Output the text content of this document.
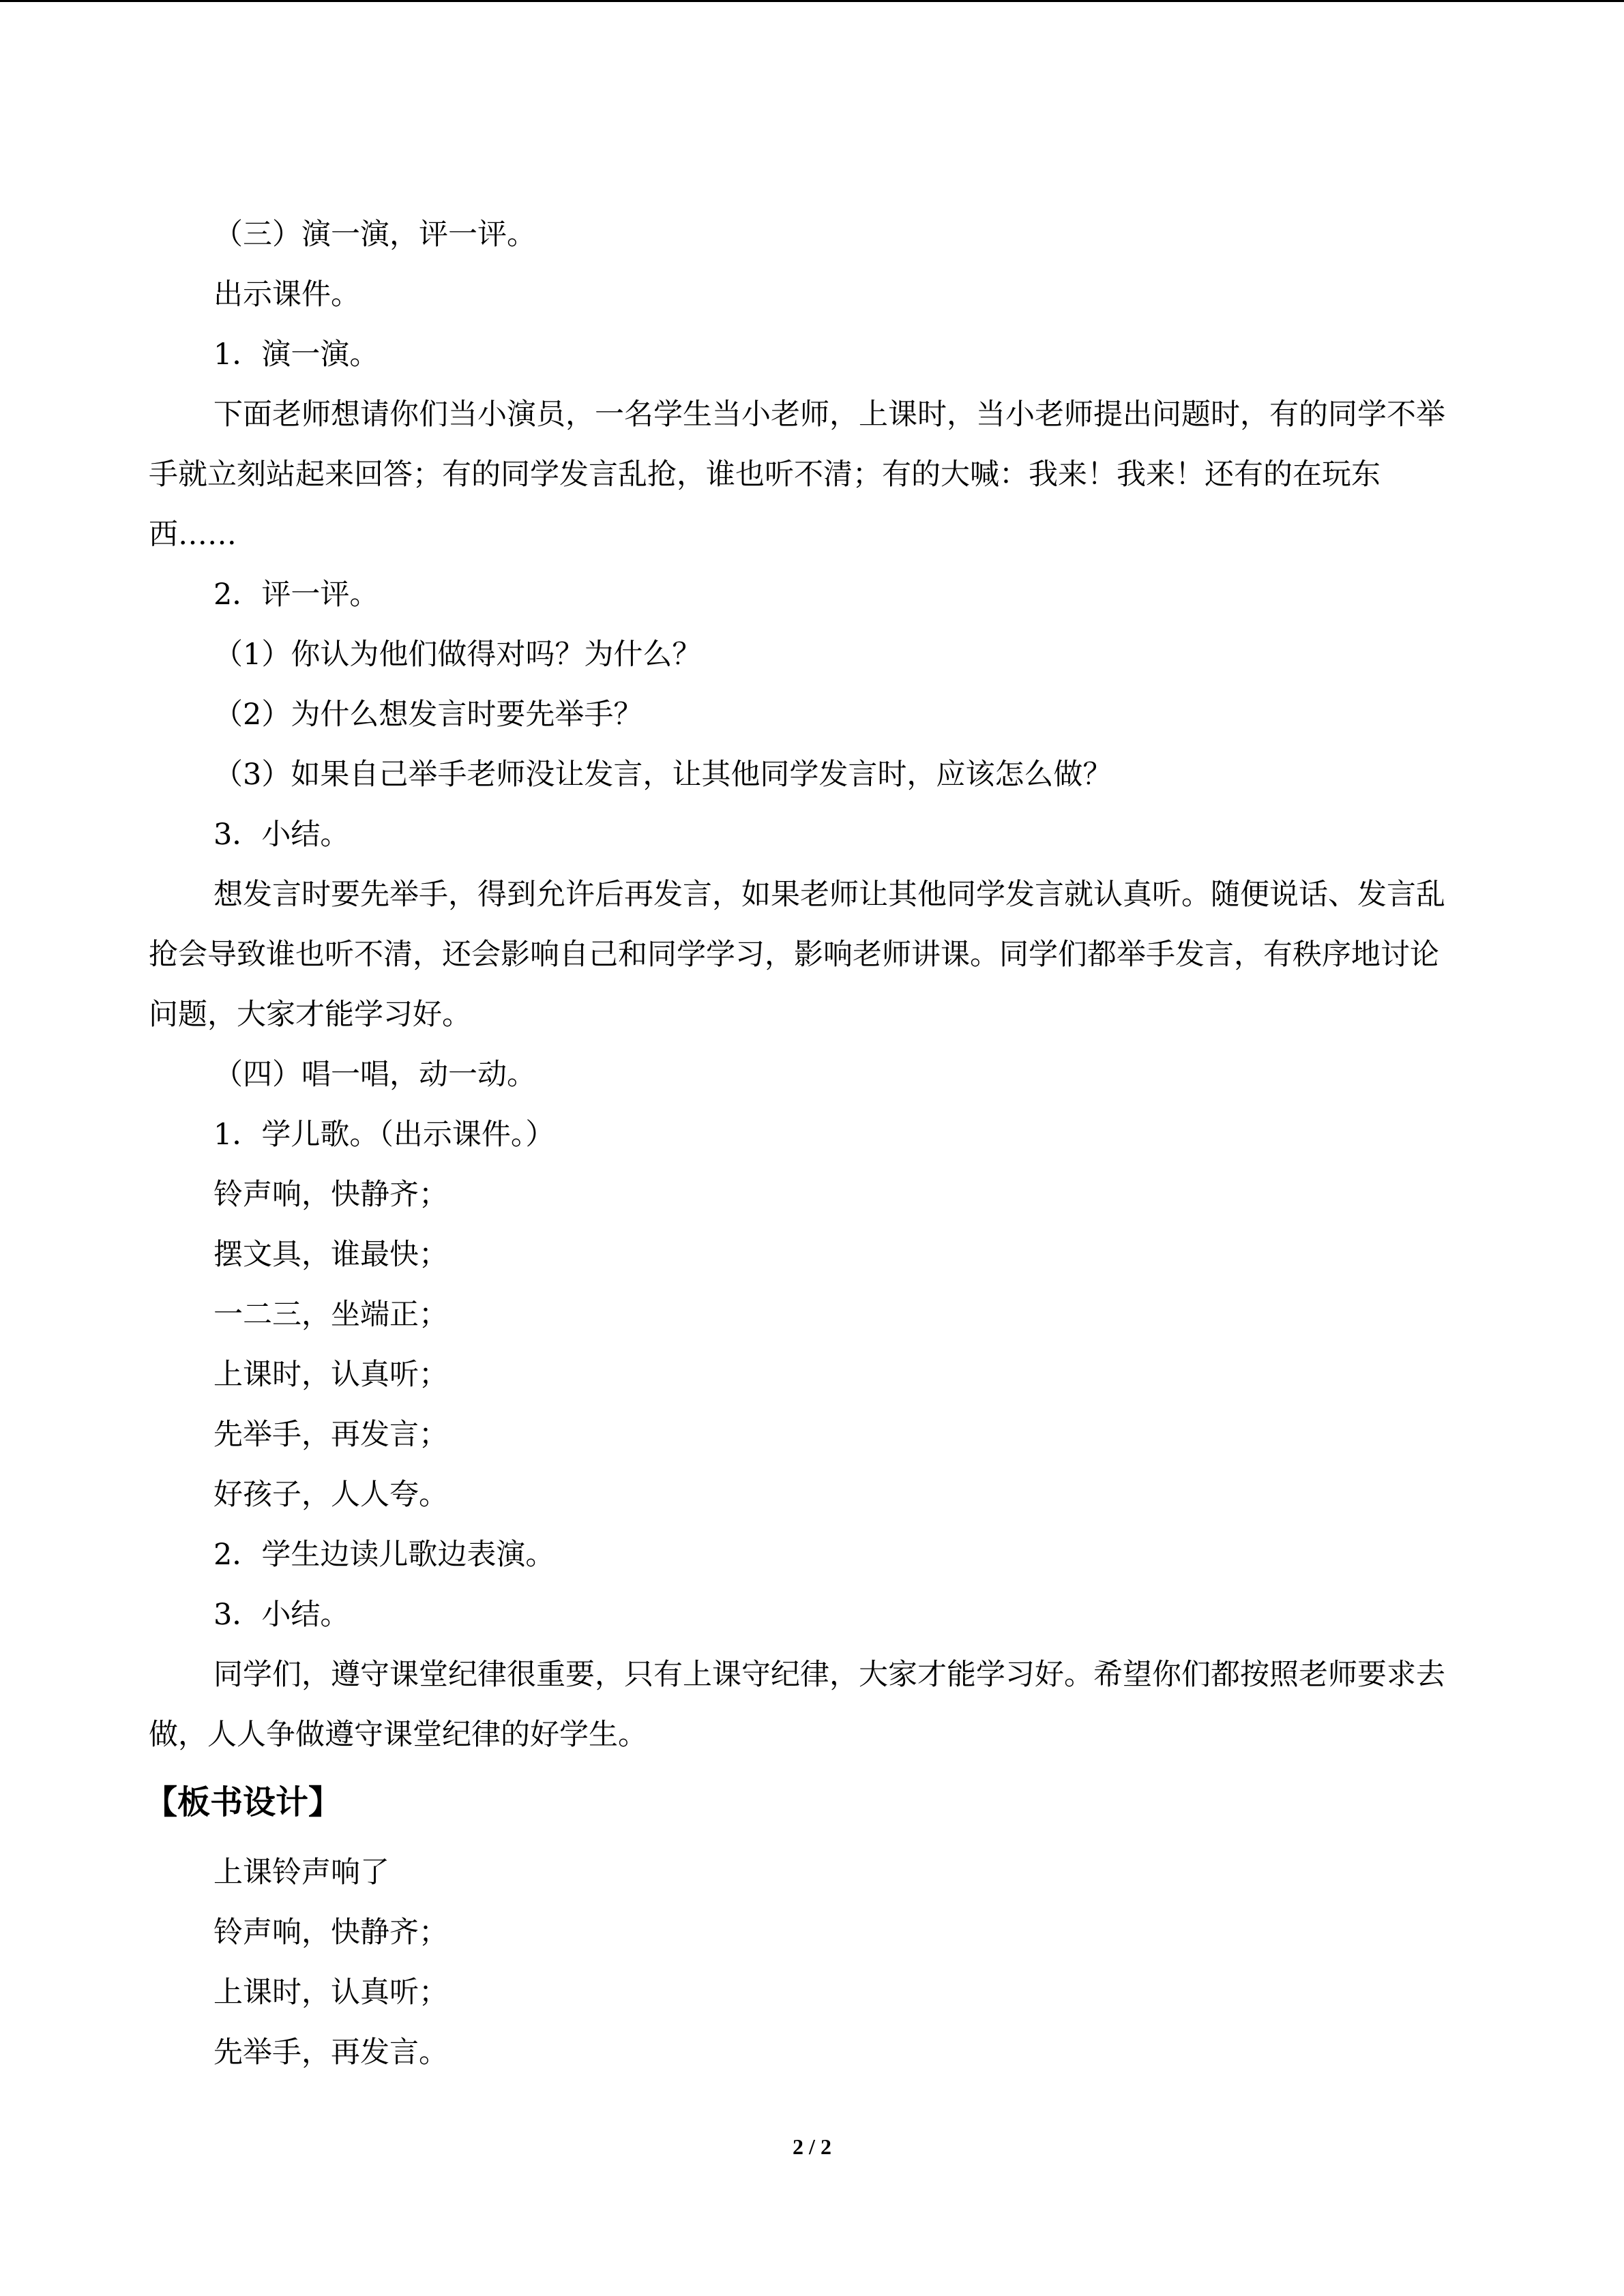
（三）演一演，评一评。

出示课件。

1．演一演。

下面老师想请你们当小演员，一名学生当小老师，上课时，当小老师提出问题时，有的同学不举手就立刻站起来回答；有的同学发言乱抢，谁也听不清；有的大喊：我来！我来！还有的在玩东西……

2．评一评。

（1）你认为他们做得对吗？为什么？

（2）为什么想发言时要先举手？

（3）如果自己举手老师没让发言，让其他同学发言时，应该怎么做？

3．小结。

想发言时要先举手，得到允许后再发言，如果老师让其他同学发言就认真听。随便说话、发言乱抢会导致谁也听不清，还会影响自己和同学学习，影响老师讲课。同学们都举手发言，有秩序地讨论问题，大家才能学习好。

（四）唱一唱，动一动。

1．学儿歌。（出示课件。）

铃声响，快静齐；

摆文具，谁最快；

一二三，坐端正；

上课时，认真听；

先举手，再发言；

好孩子，人人夸。

2．学生边读儿歌边表演。

3．小结。

同学们，遵守课堂纪律很重要，只有上课守纪律，大家才能学习好。希望你们都按照老师要求去做，人人争做遵守课堂纪律的好学生。

【板书设计】

上课铃声响了

铃声响，快静齐；

上课时，认真听；

先举手，再发言。

2 / 2
